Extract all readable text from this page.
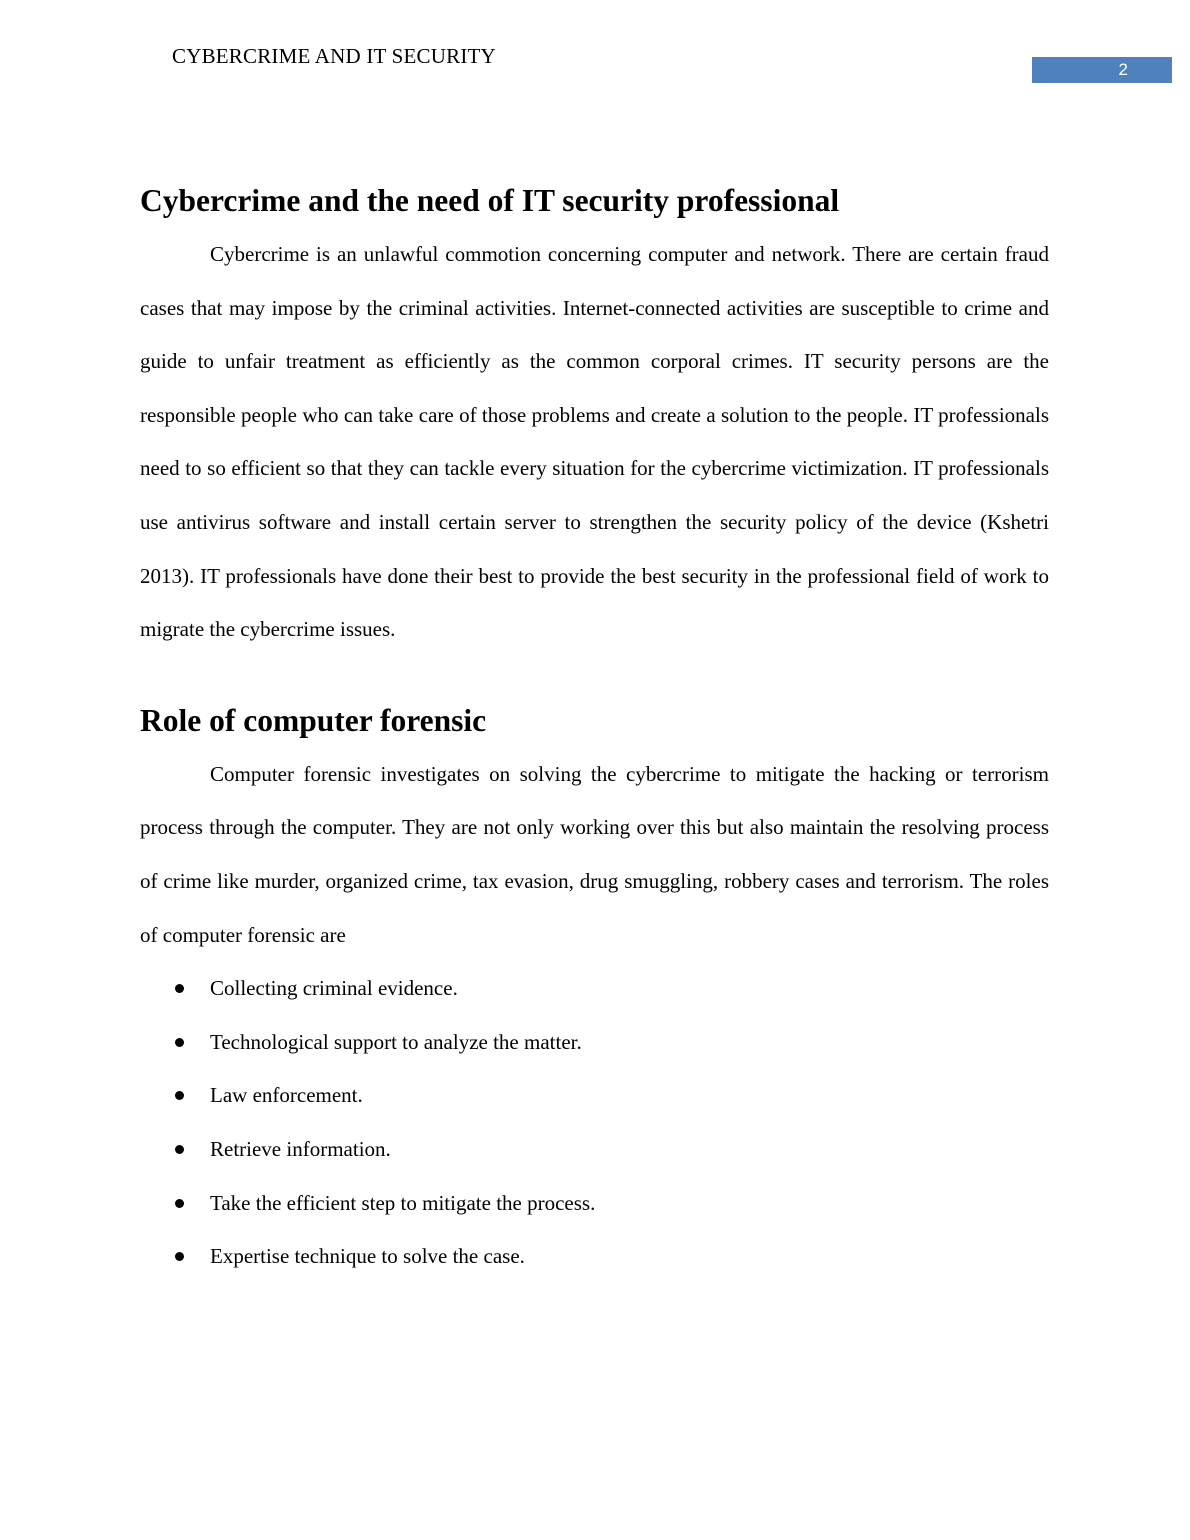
CYBERCRIME AND IT SECURITY
2
Cybercrime and the need of IT security professional

Cybercrime is an unlawful commotion concerning computer and network. There are certain fraud cases that may impose by the criminal activities. Internet-connected activities are susceptible to crime and guide to unfair treatment as efficiently as the common corporal crimes. IT security persons are the responsible people who can take care of those problems and create a solution to the people. IT professionals need to so efficient so that they can tackle every situation for the cybercrime victimization. IT professionals use antivirus software and install certain server to strengthen the security policy of the device (Kshetri 2013). IT professionals have done their best to provide the best security in the professional field of work to migrate the cybercrime issues.

Role of computer forensic

Computer forensic investigates on solving the cybercrime to mitigate the hacking or terrorism process through the computer. They are not only working over this but also maintain the resolving process of crime like murder, organized crime, tax evasion, drug smuggling, robbery cases and terrorism. The roles of computer forensic are

Collecting criminal evidence.
Technological support to analyze the matter.
Law enforcement.
Retrieve information.
Take the efficient step to mitigate the process.
Expertise technique to solve the case.
